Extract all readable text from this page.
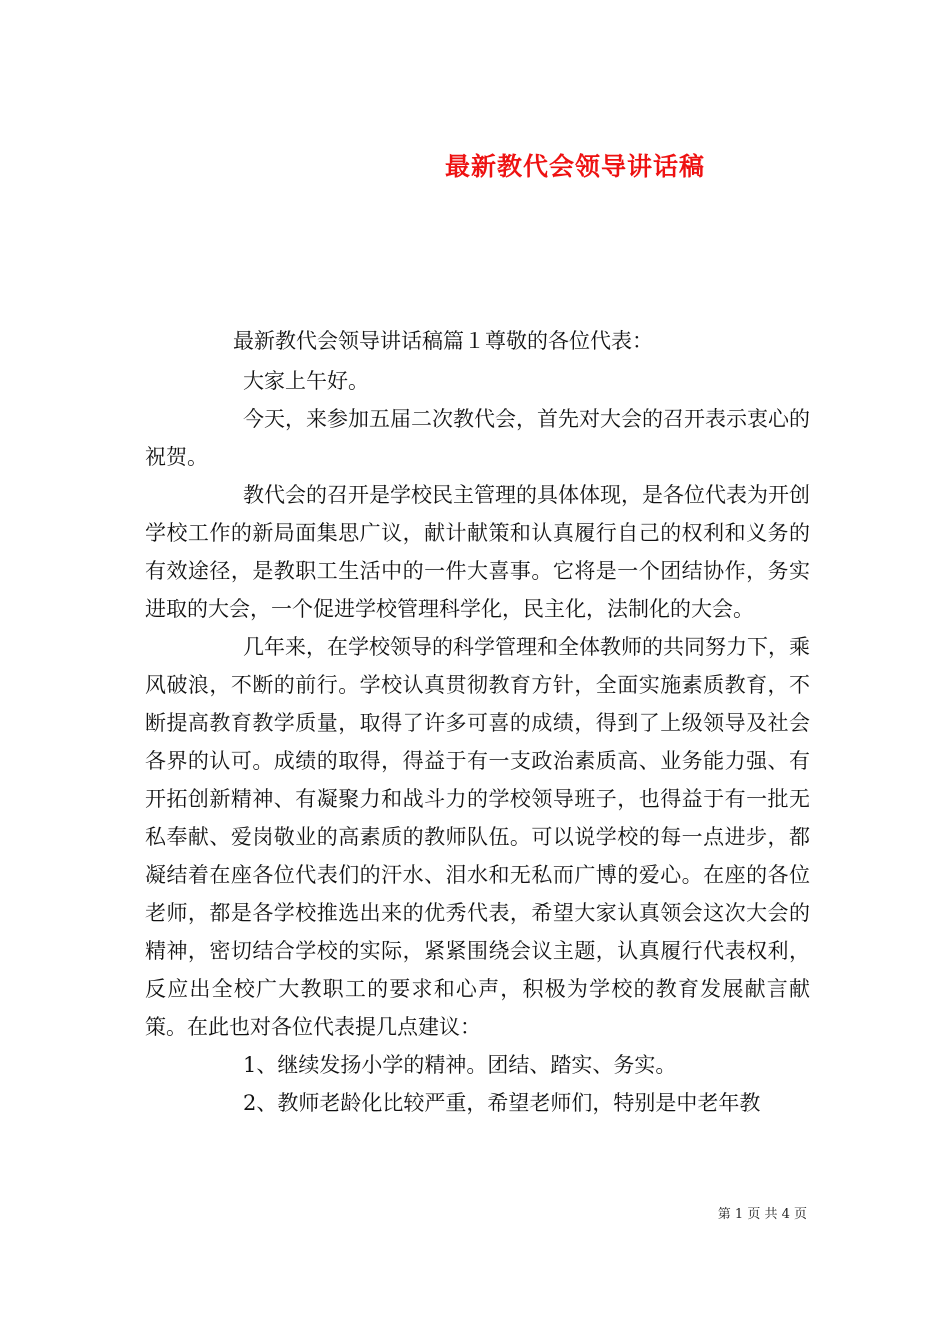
最新教代会领导讲话稿

最新教代会领导讲话稿篇１尊敬的各位代表：

大家上午好。

今天，来参加五届二次教代会，首先对大会的召开表示衷心的祝贺。

教代会的召开是学校民主管理的具体体现，是各位代表为开创学校工作的新局面集思广议，献计献策和认真履行自己的权利和义务的有效途径，是教职工生活中的一件大喜事。它将是一个团结协作，务实进取的大会，一个促进学校管理科学化，民主化，法制化的大会。

几年来，在学校领导的科学管理和全体教师的共同努力下，乘风破浪，不断的前行。学校认真贯彻教育方针，全面实施素质教育，不断提高教育教学质量，取得了许多可喜的成绩，得到了上级领导及社会各界的认可。成绩的取得，得益于有一支政治素质高、业务能力强、有开拓创新精神、有凝聚力和战斗力的学校领导班子，也得益于有一批无私奉献、爱岗敬业的高素质的教师队伍。可以说学校的每一点进步，都凝结着在座各位代表们的汗水、泪水和无私而广博的爱心。在座的各位老师，都是各学校推选出来的优秀代表，希望大家认真领会这次大会的精神，密切结合学校的实际，紧紧围绕会议主题，认真履行代表权利，反应出全校广大教职工的要求和心声，积极为学校的教育发展献言献策。在此也对各位代表提几点建议：

1、继续发扬小学的精神。团结、踏实、务实。

2、教师老龄化比较严重，希望老师们，特别是中老年教

第 1 页 共 4 页
